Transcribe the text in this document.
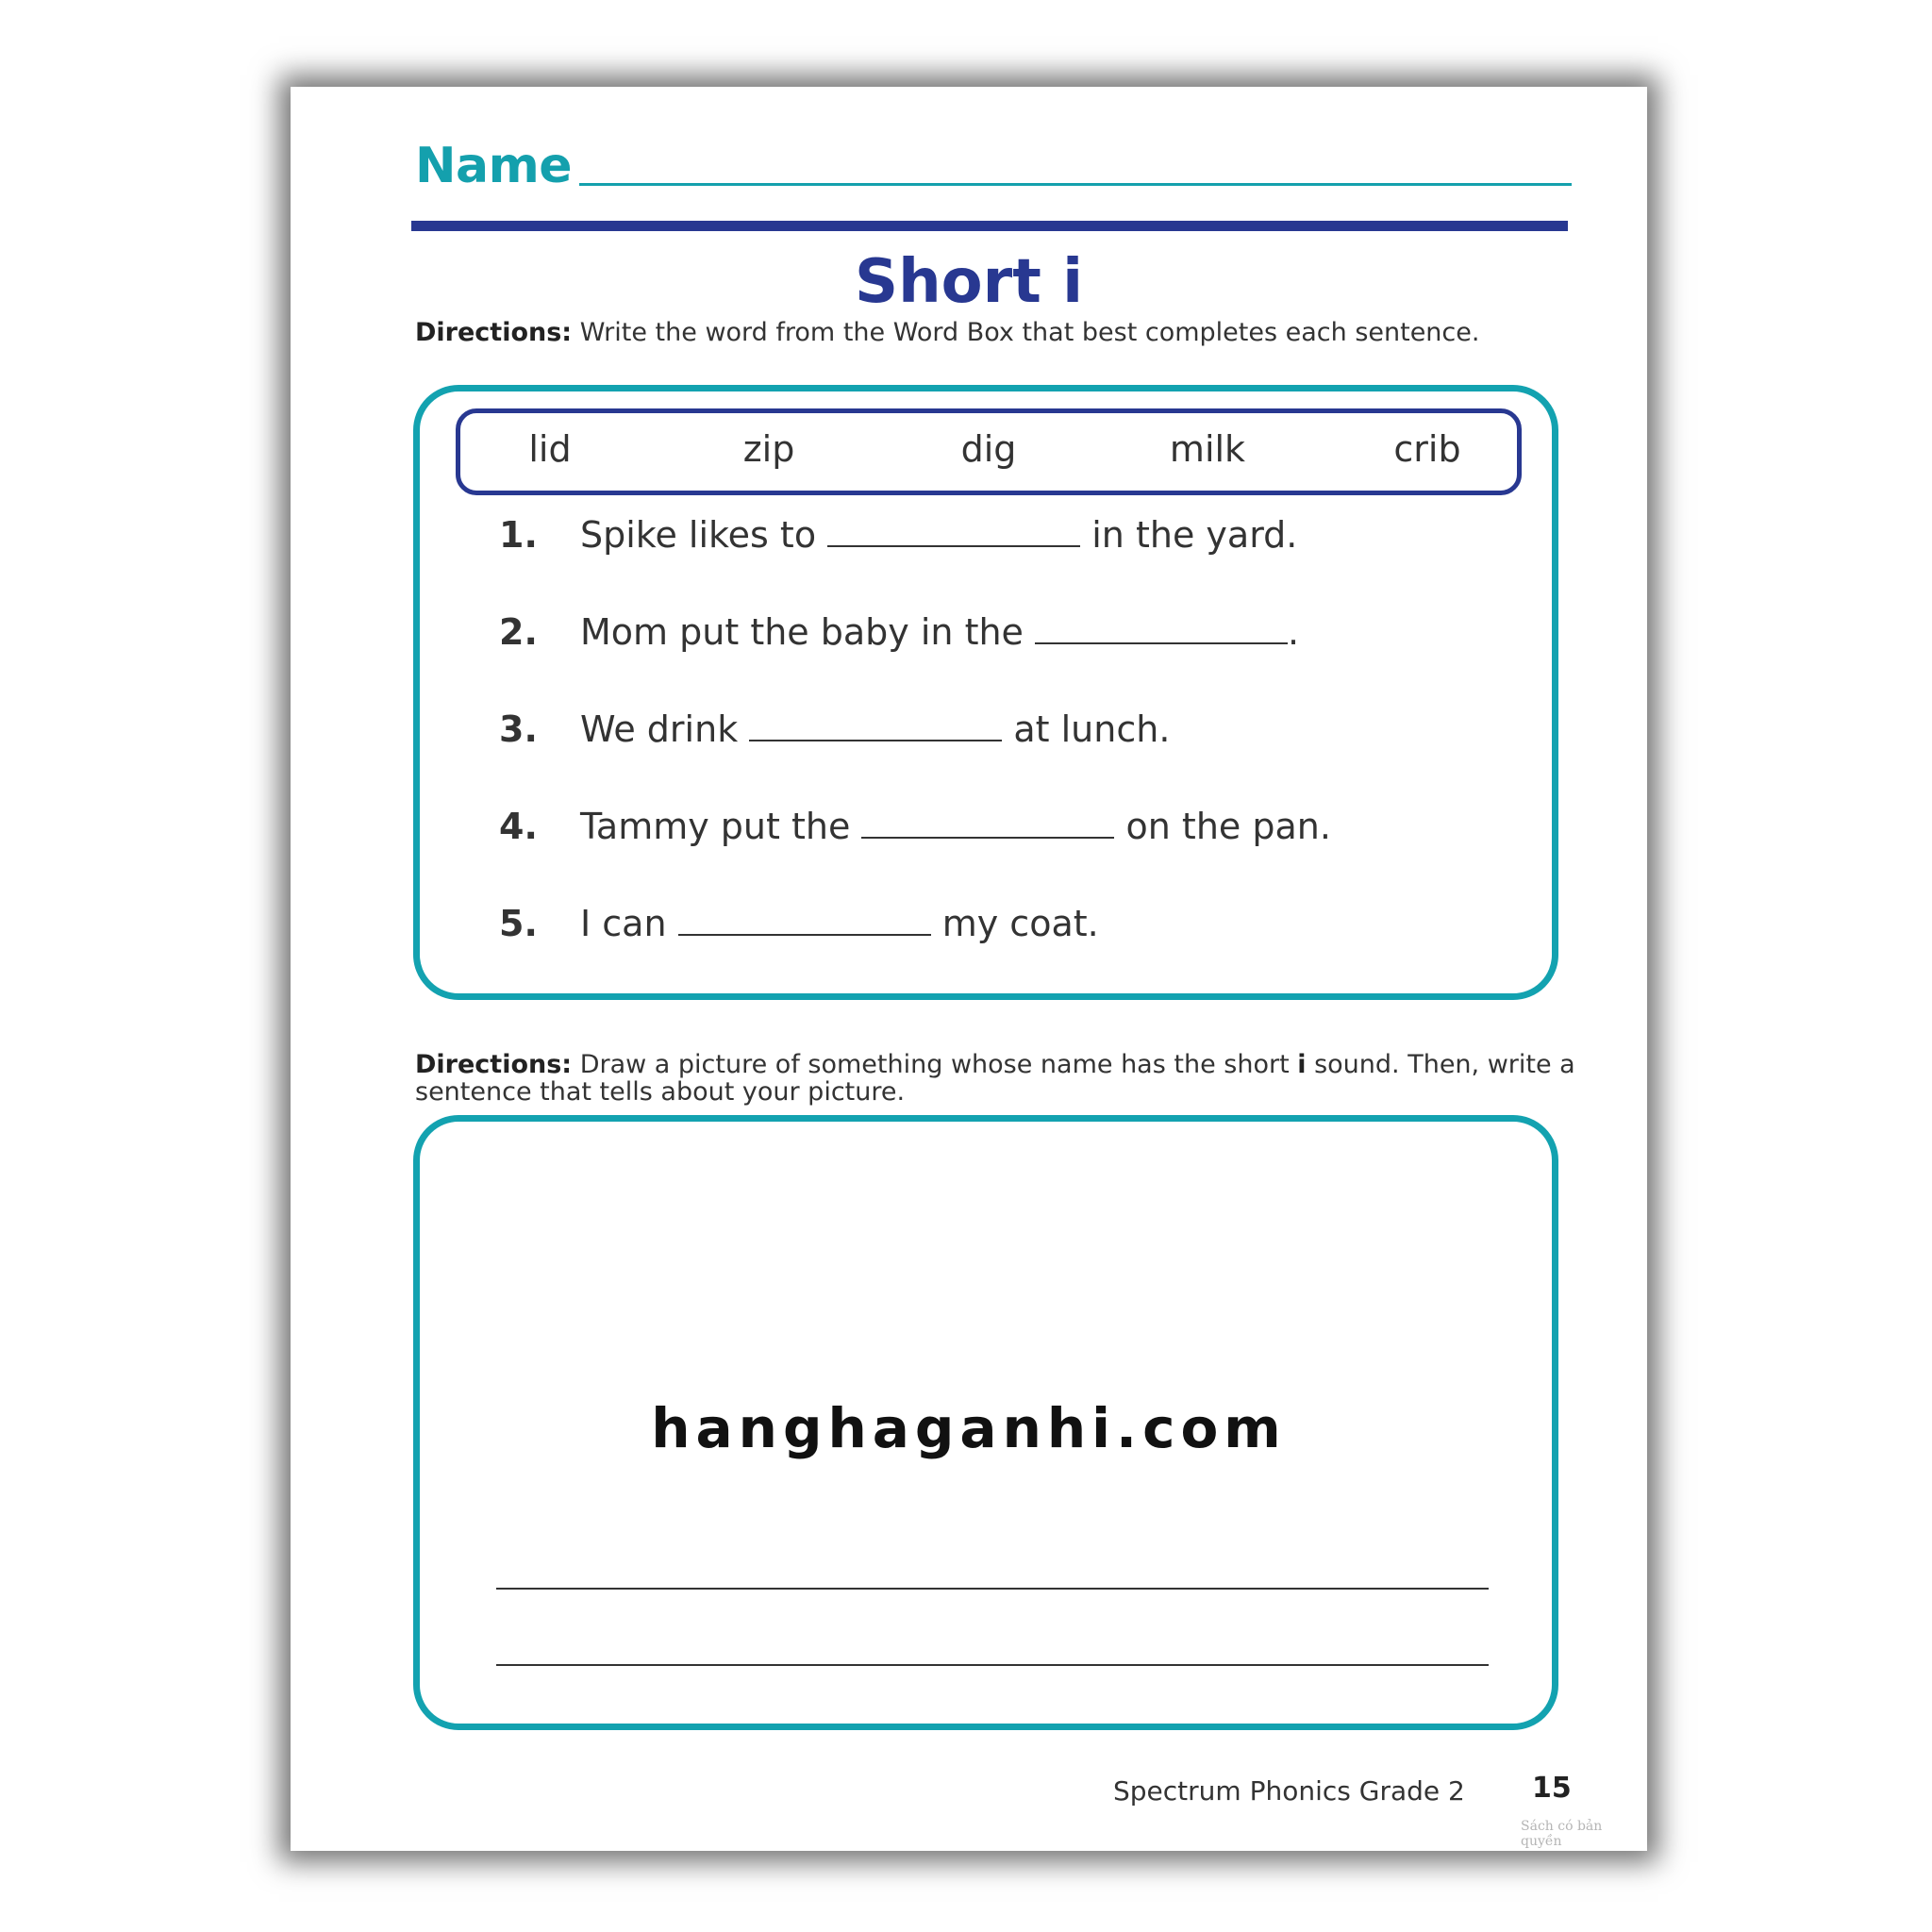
Name
Short i
Directions: Write the word from the Word Box that best completes each sentence.
lid	zip	dig	milk	crib
1. Spike likes to	in the yard.
2. Mom put the baby in the	.
3. We drink	at lunch.
4. Tammy put the	on the pan.
5. I can	my coat.
Directions: Draw a picture of something whose name has the short i sound. Then, write a sentence that tells about your picture.
hanghaganhi.com
Spectrum Phonics Grade 2 15
Sách có bản quyền
